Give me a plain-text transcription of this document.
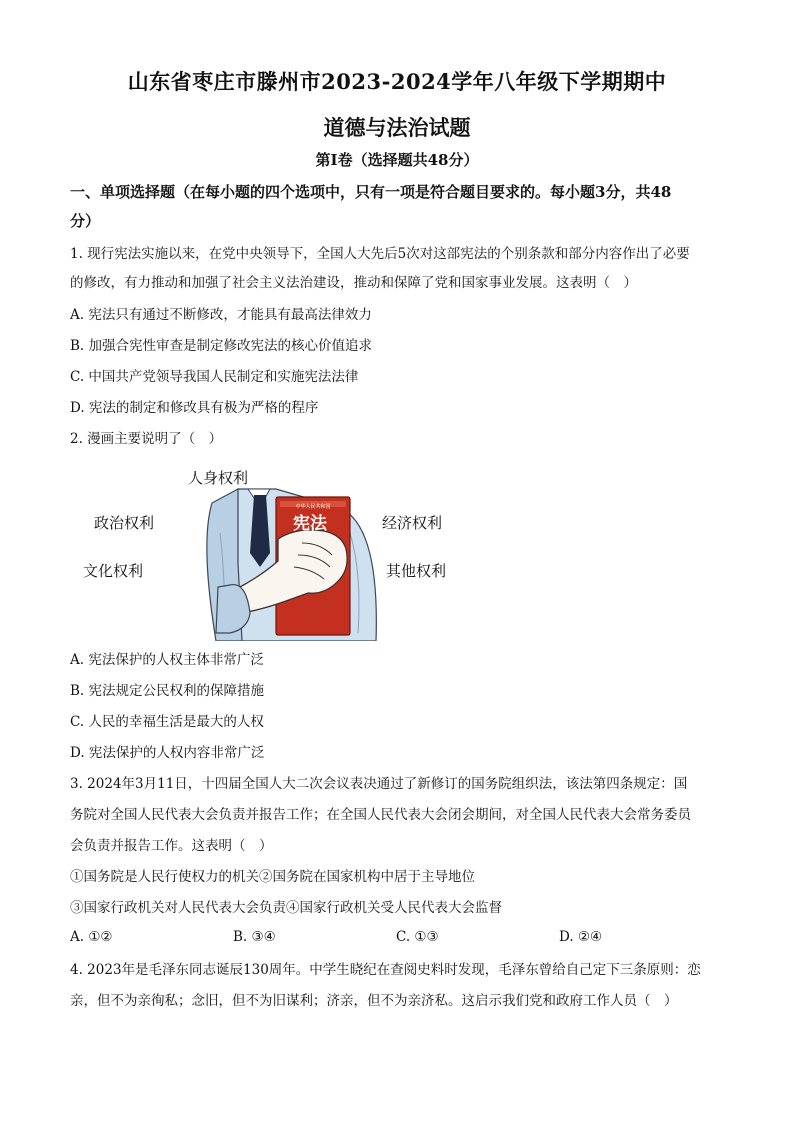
山东省枣庄市滕州市2023-2024学年八年级下学期期中
道德与法治试题
第Ⅰ卷（选择题共48分）
一、单项选择题（在每小题的四个选项中，只有一项是符合题目要求的。每小题3分，共48
分）
1. 现行宪法实施以来，在党中央领导下，全国人大先后5次对这部宪法的个别条款和部分内容作出了必要
的修改，有力推动和加强了社会主义法治建设，推动和保障了党和国家事业发展。这表明（　）
A. 宪法只有通过不断修改，才能具有最高法律效力
B. 加强合宪性审查是制定修改宪法的核心价值追求
C. 中国共产党领导我国人民制定和实施宪法法律
D. 宪法的制定和修改具有极为严格的程序
2. 漫画主要说明了（　）
中华人民共和国
宪法
人身权利
政治权利
文化权利
经济权利
其他权利
A. 宪法保护的人权主体非常广泛
B. 宪法规定公民权利的保障措施
C. 人民的幸福生活是最大的人权
D. 宪法保护的人权内容非常广泛
3. 2024年3月11日，十四届全国人大二次会议表决通过了新修订的国务院组织法，该法第四条规定：国
务院对全国人民代表大会负责并报告工作；在全国人民代表大会闭会期间，对全国人民代表大会常务委员
会负责并报告工作。这表明（　）
①国务院是人民行使权力的机关②国务院在国家机构中居于主导地位
③国家行政机关对人民代表大会负责④国家行政机关受人民代表大会监督
A. ①②	B. ③④	C. ①③	D. ②④
4. 2023年是毛泽东同志诞辰130周年。中学生晓纪在查阅史料时发现，毛泽东曾给自己定下三条原则：恋
亲，但不为亲徇私；念旧，但不为旧谋利；济亲，但不为亲济私。这启示我们党和政府工作人员（　）
